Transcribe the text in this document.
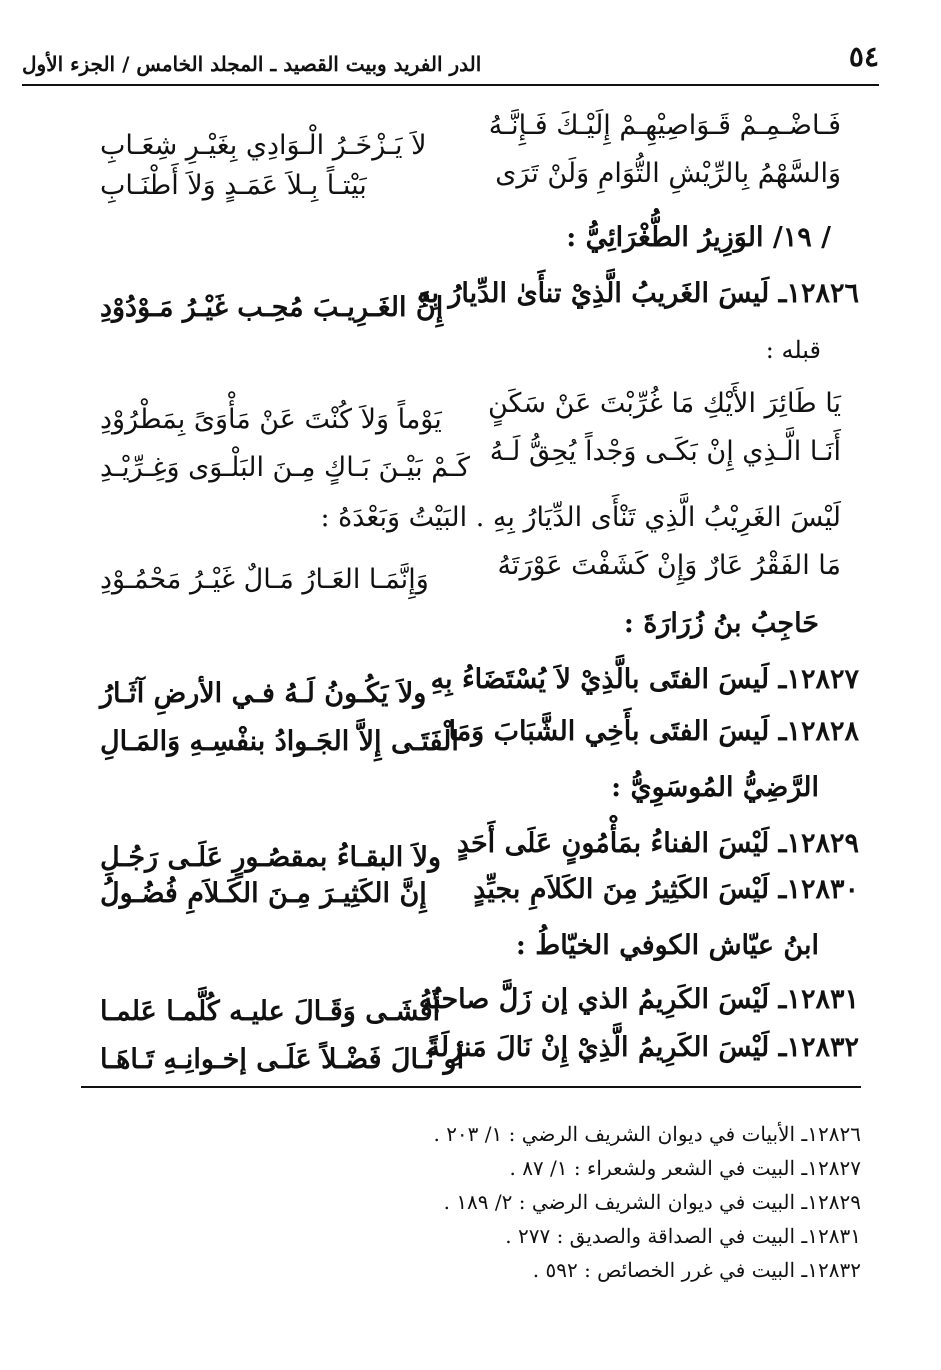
٥٤
الدر الفريد وبيت القصيد ـ المجلد الخامس / الجزء الأول
فَـاضْـمِـمْ قَـوَاصِيْهِـمْ إِلَيْـكَ فَـإِنَّـهُ
لاَ يَـزْخَـرُ الْـوَادِي بِغَيْـرِ شِعَـابِ
وَالسَّهْمُ بِالرِّيْشِ التُّوَامِ وَلَنْ تَرَى
بَيْتـاً بِـلاَ عَمَـدٍ وَلاَ أَطْنَـابِ
/ ١٩/ الوَزِيرُ الطُّغْرَائِيُّ :
١٢٨٢٦ـ لَيسَ الغَريبُ الَّذِيْ تنأَىٰ الدِّيارُ بِهِ
إِنَّ الغَـرِيـبَ مُحِـب غَيْـرُ مَـوْدُوْدِ
قبله :
يَا طَائِرَ الأَيْكِ مَا غُرِّبْتَ عَنْ سَكَنٍ
يَوْماً وَلاَ كُنْتَ عَنْ مَأْوَىً بِمَطْرُوْدِ
أَنَـا الَّـذِي إِنْ بَكَـى وَجْداً يُحِقُّ لَـهُ
كَـمْ بَيْـنَ بَـاكٍ مِـنَ البَلْـوَى وَغِـرِّيْـدِ
لَيْسَ الغَرِيْبُ الَّذِي تَنْأَى الدِّيَارُ بِهِ . البَيْتُ وَبَعْدَهُ :
مَا الفَقْرُ عَارٌ وَإِنْ كَشَفْتَ عَوْرَتَهُ
وَإِنَّمَـا العَـارُ مَـالٌ غَيْـرُ مَحْمُـوْدِ
حَاجِبُ بنُ زُرَارَةَ :
١٢٨٢٧ـ لَيسَ الفتَى بالَّذِيْ لاَ يُسْتَضَاءُ بِهِ
ولاَ يَكُـونُ لَـهُ فـي الأرضِ آثَـارُ
١٢٨٢٨ـ لَيسَ الفتَى بأَخِي الشَّبَابَ وَمَا
الْفَتَـى إِلاَّ الجَـوادُ بنفْسِـهِ وَالمَـالِ
الرَّضِيُّ المُوسَوِيُّ :
١٢٨٢٩ـ لَيْسَ الفناءُ بمَأْمُونٍ عَلَى أَحَدٍ
ولاَ البقـاءُ بمقصُـورٍ عَلَـى رَجُـلِ
١٢٨٣٠ـ لَيْسَ الكَثِيرُ مِنَ الكَلاَمِ بجيِّدٍ
إِنَّ الكَثِيـرَ مِـنَ الكَـلاَمِ فُضُـولُ
ابنُ عيّاش الكوفي الخيّاطُ :
١٢٨٣١ـ لَيْسَ الكَرِيمُ الذي إن زَلَّ صاحبُهُ
أَفشَـى وَقَـالَ عليـه كُلَّمـا عَلمـا
١٢٨٣٢ـ لَيْسَ الكَرِيمُ الَّذِيْ إِنْ نَالَ مَنزِلَةً
أو نَـالَ فَضْـلاً عَلَـى إخـوانِـهِ تَـاهَـا
١٢٨٢٦ـ الأبيات في ديوان الشريف الرضي : ١/ ٢٠٣ .
١٢٨٢٧ـ البيت في الشعر ولشعراء : ١/ ٨٧ .
١٢٨٢٩ـ البيت في ديوان الشريف الرضي : ٢/ ١٨٩ .
١٢٨٣١ـ البيت في الصداقة والصديق : ٢٧٧ .
١٢٨٣٢ـ البيت في غرر الخصائص : ٥٩٢ .
